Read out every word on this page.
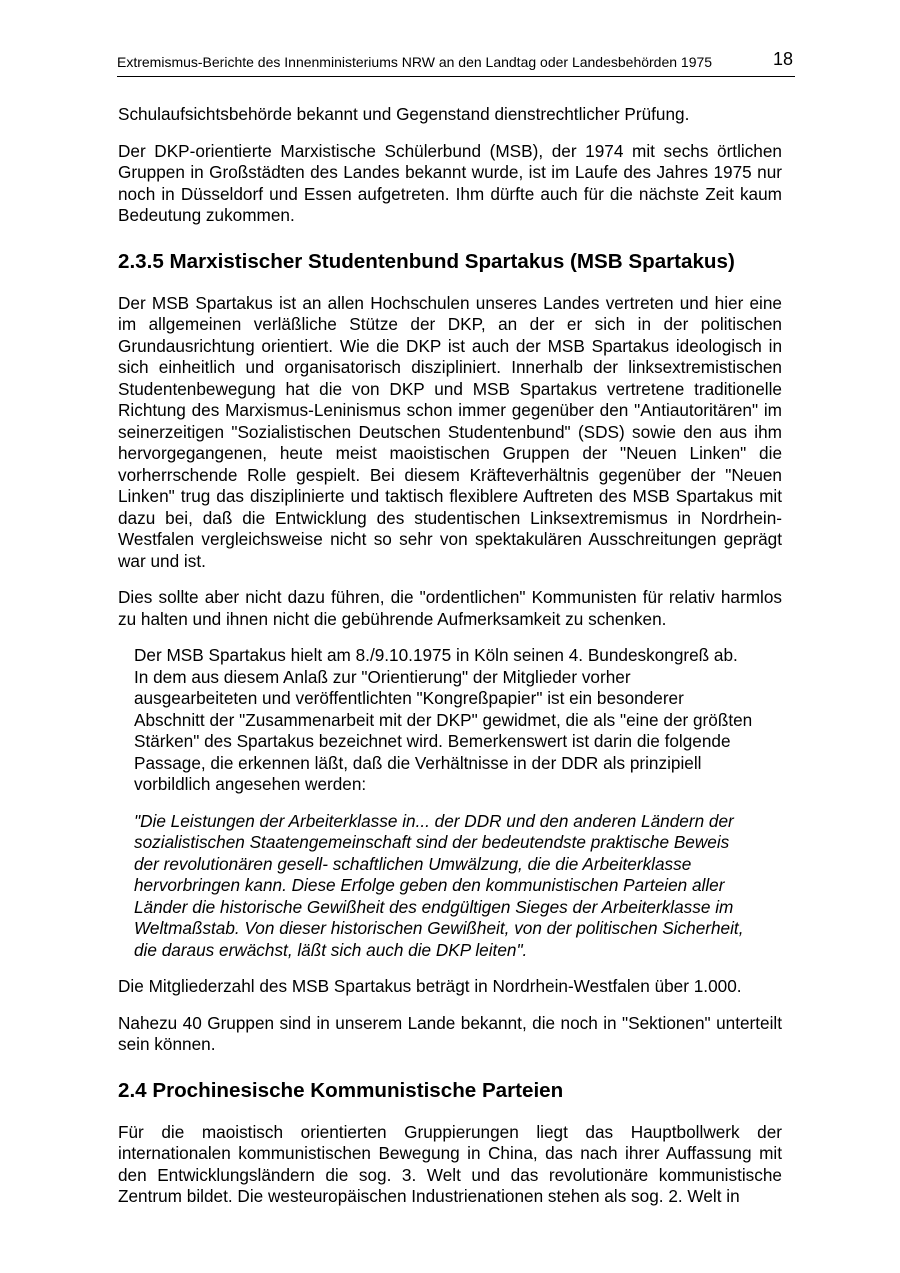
Extremismus-Berichte des Innenministeriums NRW an den Landtag oder Landesbehörden 1975	18

Schulaufsichtsbehörde bekannt und Gegenstand dienstrechtlicher Prüfung.

Der DKP-orientierte Marxistische Schülerbund (MSB), der 1974 mit sechs örtlichen Gruppen in Großstädten des Landes bekannt wurde, ist im Laufe des Jahres 1975 nur noch in Düsseldorf und Essen aufgetreten. Ihm dürfte auch für die nächste Zeit kaum Bedeutung zukommen.

2.3.5 Marxistischer Studentenbund Spartakus (MSB Spartakus)

Der MSB Spartakus ist an allen Hochschulen unseres Landes vertreten und hier eine im allgemeinen verläßliche Stütze der DKP, an der er sich in der politischen Grundausrichtung orientiert. Wie die DKP ist auch der MSB Spartakus ideologisch in sich einheitlich und organisatorisch diszipliniert. Innerhalb der linksextremistischen Studentenbewegung hat die von DKP und MSB Spartakus vertretene traditionelle Richtung des Marxismus-Leninismus schon immer gegenüber den "Antiautoritären" im seinerzeitigen "Sozialistischen Deutschen Studentenbund" (SDS) sowie den aus ihm hervorgegangenen, heute meist maoistischen Gruppen der "Neuen Linken" die vorherrschende Rolle gespielt. Bei diesem Kräfteverhältnis gegenüber der "Neuen Linken" trug das disziplinierte und taktisch flexiblere Auftreten des MSB Spartakus mit dazu bei, daß die Entwicklung des studentischen Linksextremismus in Nordrhein-Westfalen vergleichsweise nicht so sehr von spektakulären Ausschreitungen geprägt war und ist.

Dies sollte aber nicht dazu führen, die "ordentlichen" Kommunisten für relativ harmlos zu halten und ihnen nicht die gebührende Aufmerksamkeit zu schenken.

Der MSB Spartakus hielt am 8./9.10.1975 in Köln seinen 4. Bundeskongreß ab. In dem aus diesem Anlaß zur "Orientierung" der Mitglieder vorher ausgearbeiteten und veröffentlichten "Kongreßpapier" ist ein besonderer Abschnitt der "Zusammenarbeit mit der DKP" gewidmet, die als "eine der größten Stärken" des Spartakus bezeichnet wird. Bemerkenswert ist darin die folgende Passage, die erkennen läßt, daß die Verhältnisse in der DDR als prinzipiell vorbildlich angesehen werden:

"Die Leistungen der Arbeiterklasse in... der DDR und den anderen Ländern der sozialistischen Staatengemeinschaft sind der bedeutendste praktische Beweis der revolutionären gesell- schaftlichen Umwälzung, die die Arbeiterklasse hervorbringen kann. Diese Erfolge geben den kommunistischen Parteien aller Länder die historische Gewißheit des endgültigen Sieges der Arbeiterklasse im Weltmaßstab. Von dieser historischen Gewißheit, von der politischen Sicherheit, die daraus erwächst, läßt sich auch die DKP leiten".

Die Mitgliederzahl des MSB Spartakus beträgt in Nordrhein-Westfalen über 1.000.

Nahezu 40 Gruppen sind in unserem Lande bekannt, die noch in "Sektionen" unterteilt sein können.

2.4 Prochinesische Kommunistische Parteien

Für die maoistisch orientierten Gruppierungen liegt das Hauptbollwerk der internationalen kommunistischen Bewegung in China, das nach ihrer Auffassung mit den Entwicklungsländern die sog. 3. Welt und das revolutionäre kommunistische Zentrum bildet. Die westeuropäischen Industrienationen stehen als sog. 2. Welt in
